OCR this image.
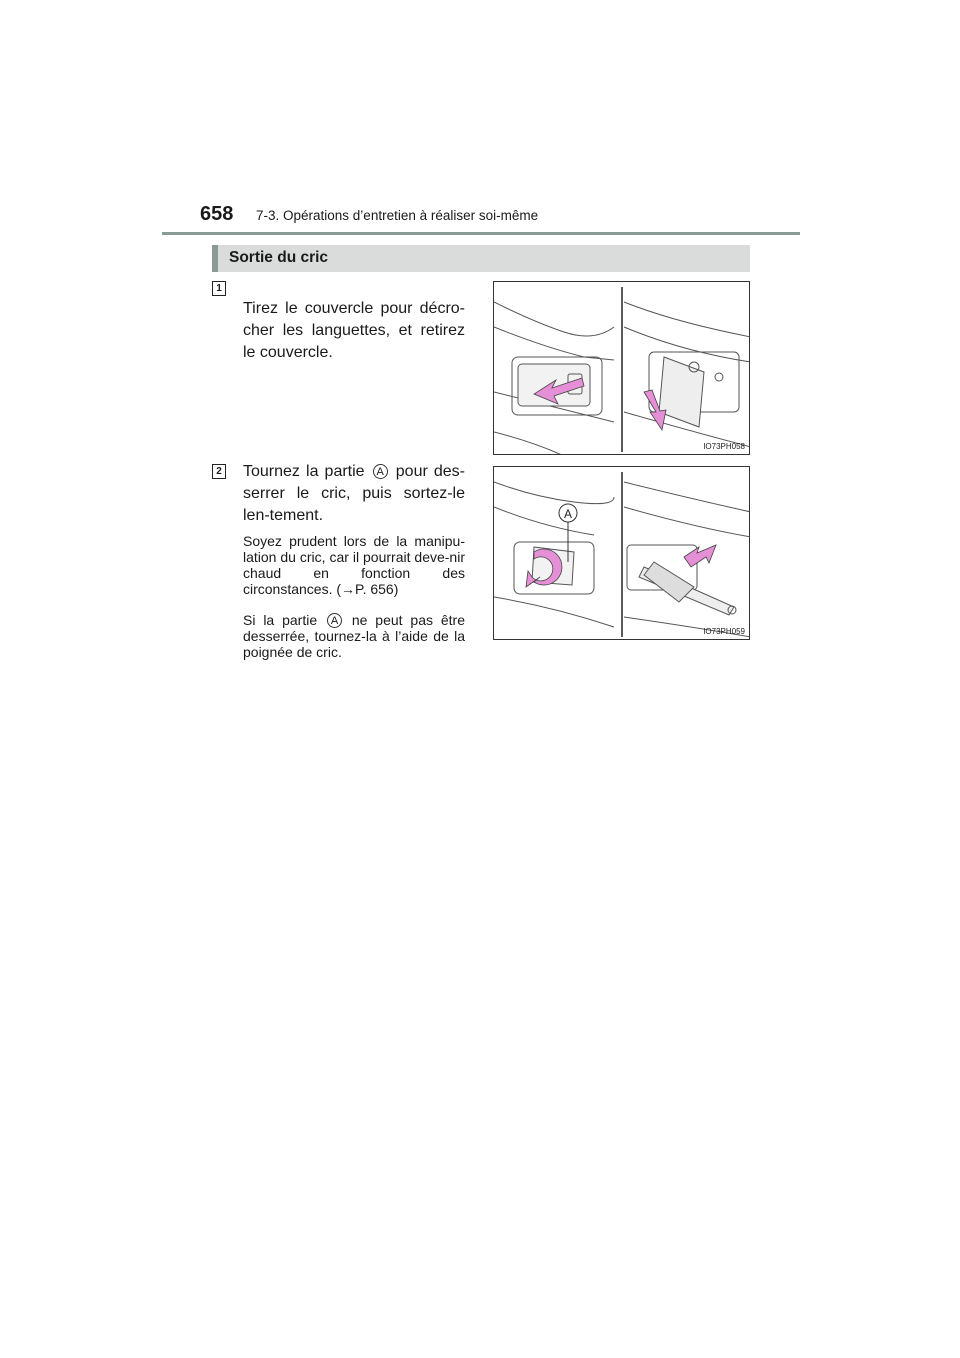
658 7-3. Opérations d’entretien à réaliser soi-même
Sortie du cric
1
Tirez le couvercle pour décro-cher les languettes, et retirez le couvercle.
IO73PH058
2 Tournez la partie A pour des-serrer le cric, puis sortez-le len-tement.
Soyez prudent lors de la manipu-lation du cric, car il pourrait deve-nir chaud en fonction des circonstances. (→P. 656)
Si la partie A ne peut pas être desserrée, tournez-la à l’aide de la poignée de cric.
A
IO73PH059
